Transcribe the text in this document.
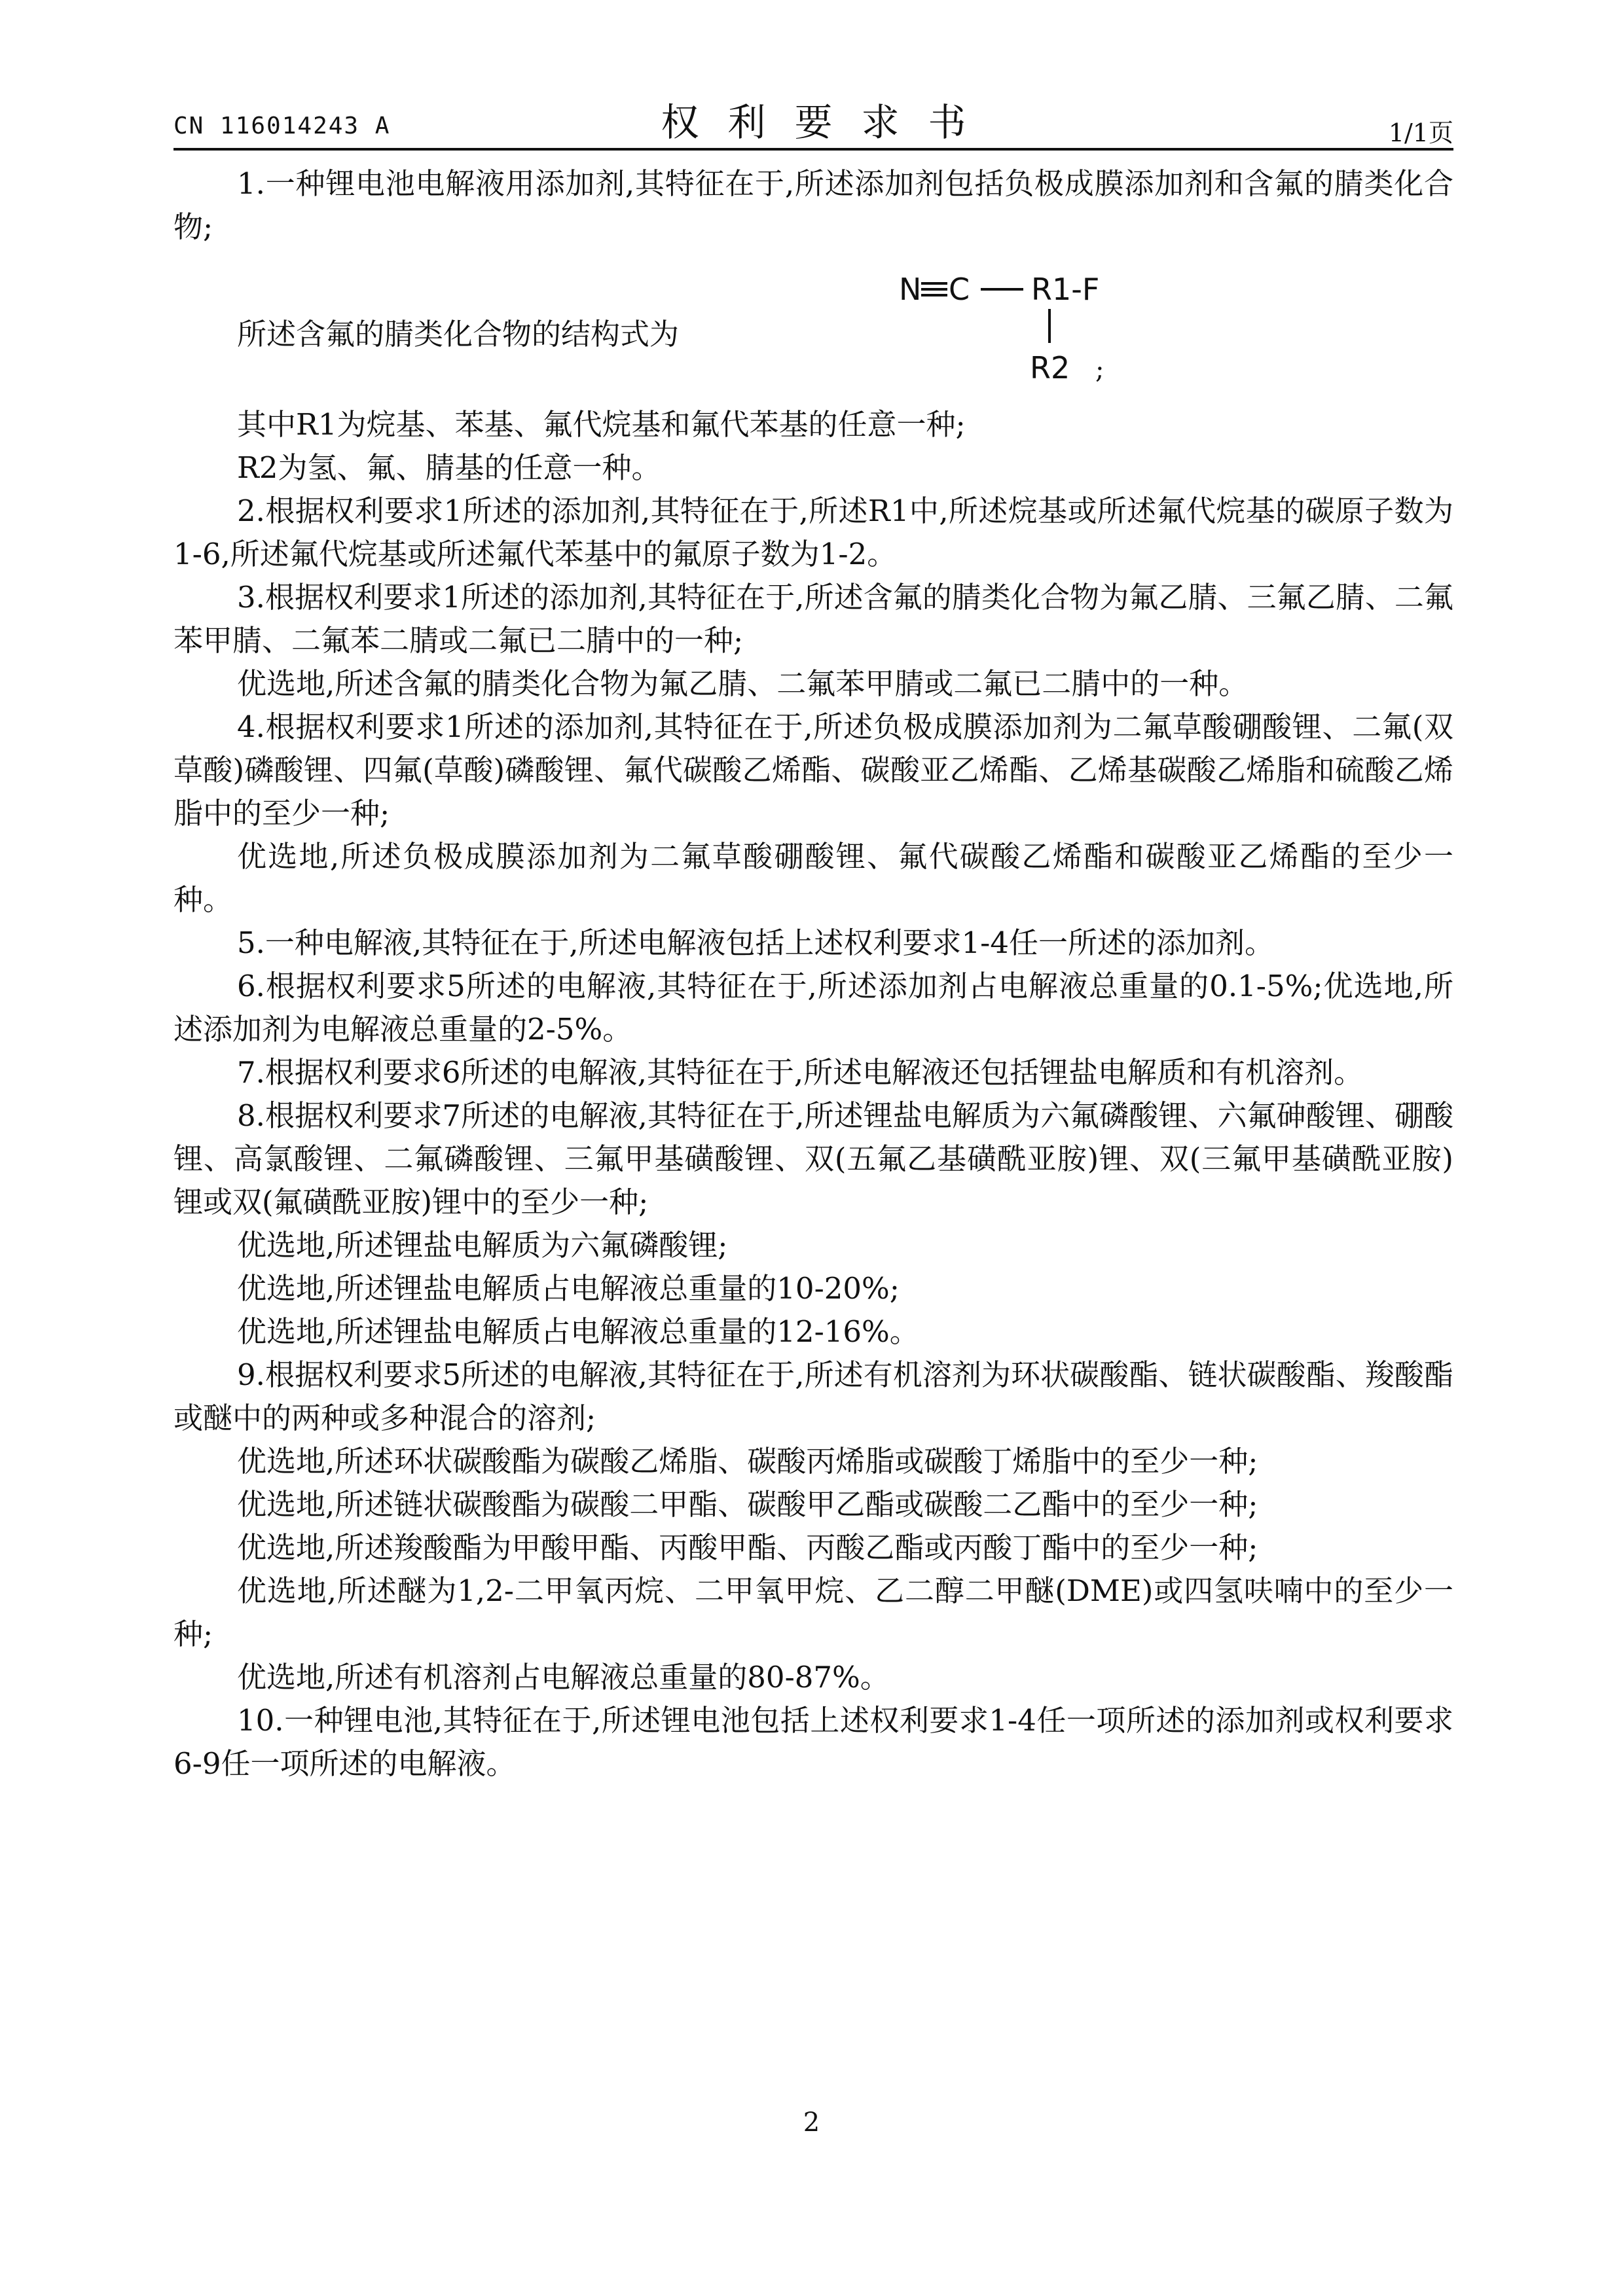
CN 116014243 A	权利要求书	1/1页

1.一种锂电池电解液用添加剂,其特征在于,所述添加剂包括负极成膜添加剂和含氟的腈类化合物;

所述含氟的腈类化合物的结构式为
N C R1-F
R2 ;

其中R1为烷基、苯基、氟代烷基和氟代苯基的任意一种;

R2为氢、氟、腈基的任意一种。

2.根据权利要求1所述的添加剂,其特征在于,所述R1中,所述烷基或所述氟代烷基的碳原子数为1-6,所述氟代烷基或所述氟代苯基中的氟原子数为1-2。

3.根据权利要求1所述的添加剂,其特征在于,所述含氟的腈类化合物为氟乙腈、三氟乙腈、二氟苯甲腈、二氟苯二腈或二氟已二腈中的一种;

优选地,所述含氟的腈类化合物为氟乙腈、二氟苯甲腈或二氟已二腈中的一种。

4.根据权利要求1所述的添加剂,其特征在于,所述负极成膜添加剂为二氟草酸硼酸锂、二氟(双草酸)磷酸锂、四氟(草酸)磷酸锂、氟代碳酸乙烯酯、碳酸亚乙烯酯、乙烯基碳酸乙烯脂和硫酸乙烯脂中的至少一种;

优选地,所述负极成膜添加剂为二氟草酸硼酸锂、氟代碳酸乙烯酯和碳酸亚乙烯酯的至少一种。

5.一种电解液,其特征在于,所述电解液包括上述权利要求1-4任一所述的添加剂。

6.根据权利要求5所述的电解液,其特征在于,所述添加剂占电解液总重量的0.1-5%;优选地,所述添加剂为电解液总重量的2-5%。

7.根据权利要求6所述的电解液,其特征在于,所述电解液还包括锂盐电解质和有机溶剂。

8.根据权利要求7所述的电解液,其特征在于,所述锂盐电解质为六氟磷酸锂、六氟砷酸锂、硼酸锂、高氯酸锂、二氟磷酸锂、三氟甲基磺酸锂、双(五氟乙基磺酰亚胺)锂、双(三氟甲基磺酰亚胺)锂或双(氟磺酰亚胺)锂中的至少一种;

优选地,所述锂盐电解质为六氟磷酸锂;

优选地,所述锂盐电解质占电解液总重量的10-20%;

优选地,所述锂盐电解质占电解液总重量的12-16%。

9.根据权利要求5所述的电解液,其特征在于,所述有机溶剂为环状碳酸酯、链状碳酸酯、羧酸酯或醚中的两种或多种混合的溶剂;

优选地,所述环状碳酸酯为碳酸乙烯脂、碳酸丙烯脂或碳酸丁烯脂中的至少一种;

优选地,所述链状碳酸酯为碳酸二甲酯、碳酸甲乙酯或碳酸二乙酯中的至少一种;

优选地,所述羧酸酯为甲酸甲酯、丙酸甲酯、丙酸乙酯或丙酸丁酯中的至少一种;

优选地,所述醚为1,2-二甲氧丙烷、二甲氧甲烷、乙二醇二甲醚(DME)或四氢呋喃中的至少一种;

优选地,所述有机溶剂占电解液总重量的80-87%。

10.一种锂电池,其特征在于,所述锂电池包括上述权利要求1-4任一项所述的添加剂或权利要求6-9任一项所述的电解液。

2
